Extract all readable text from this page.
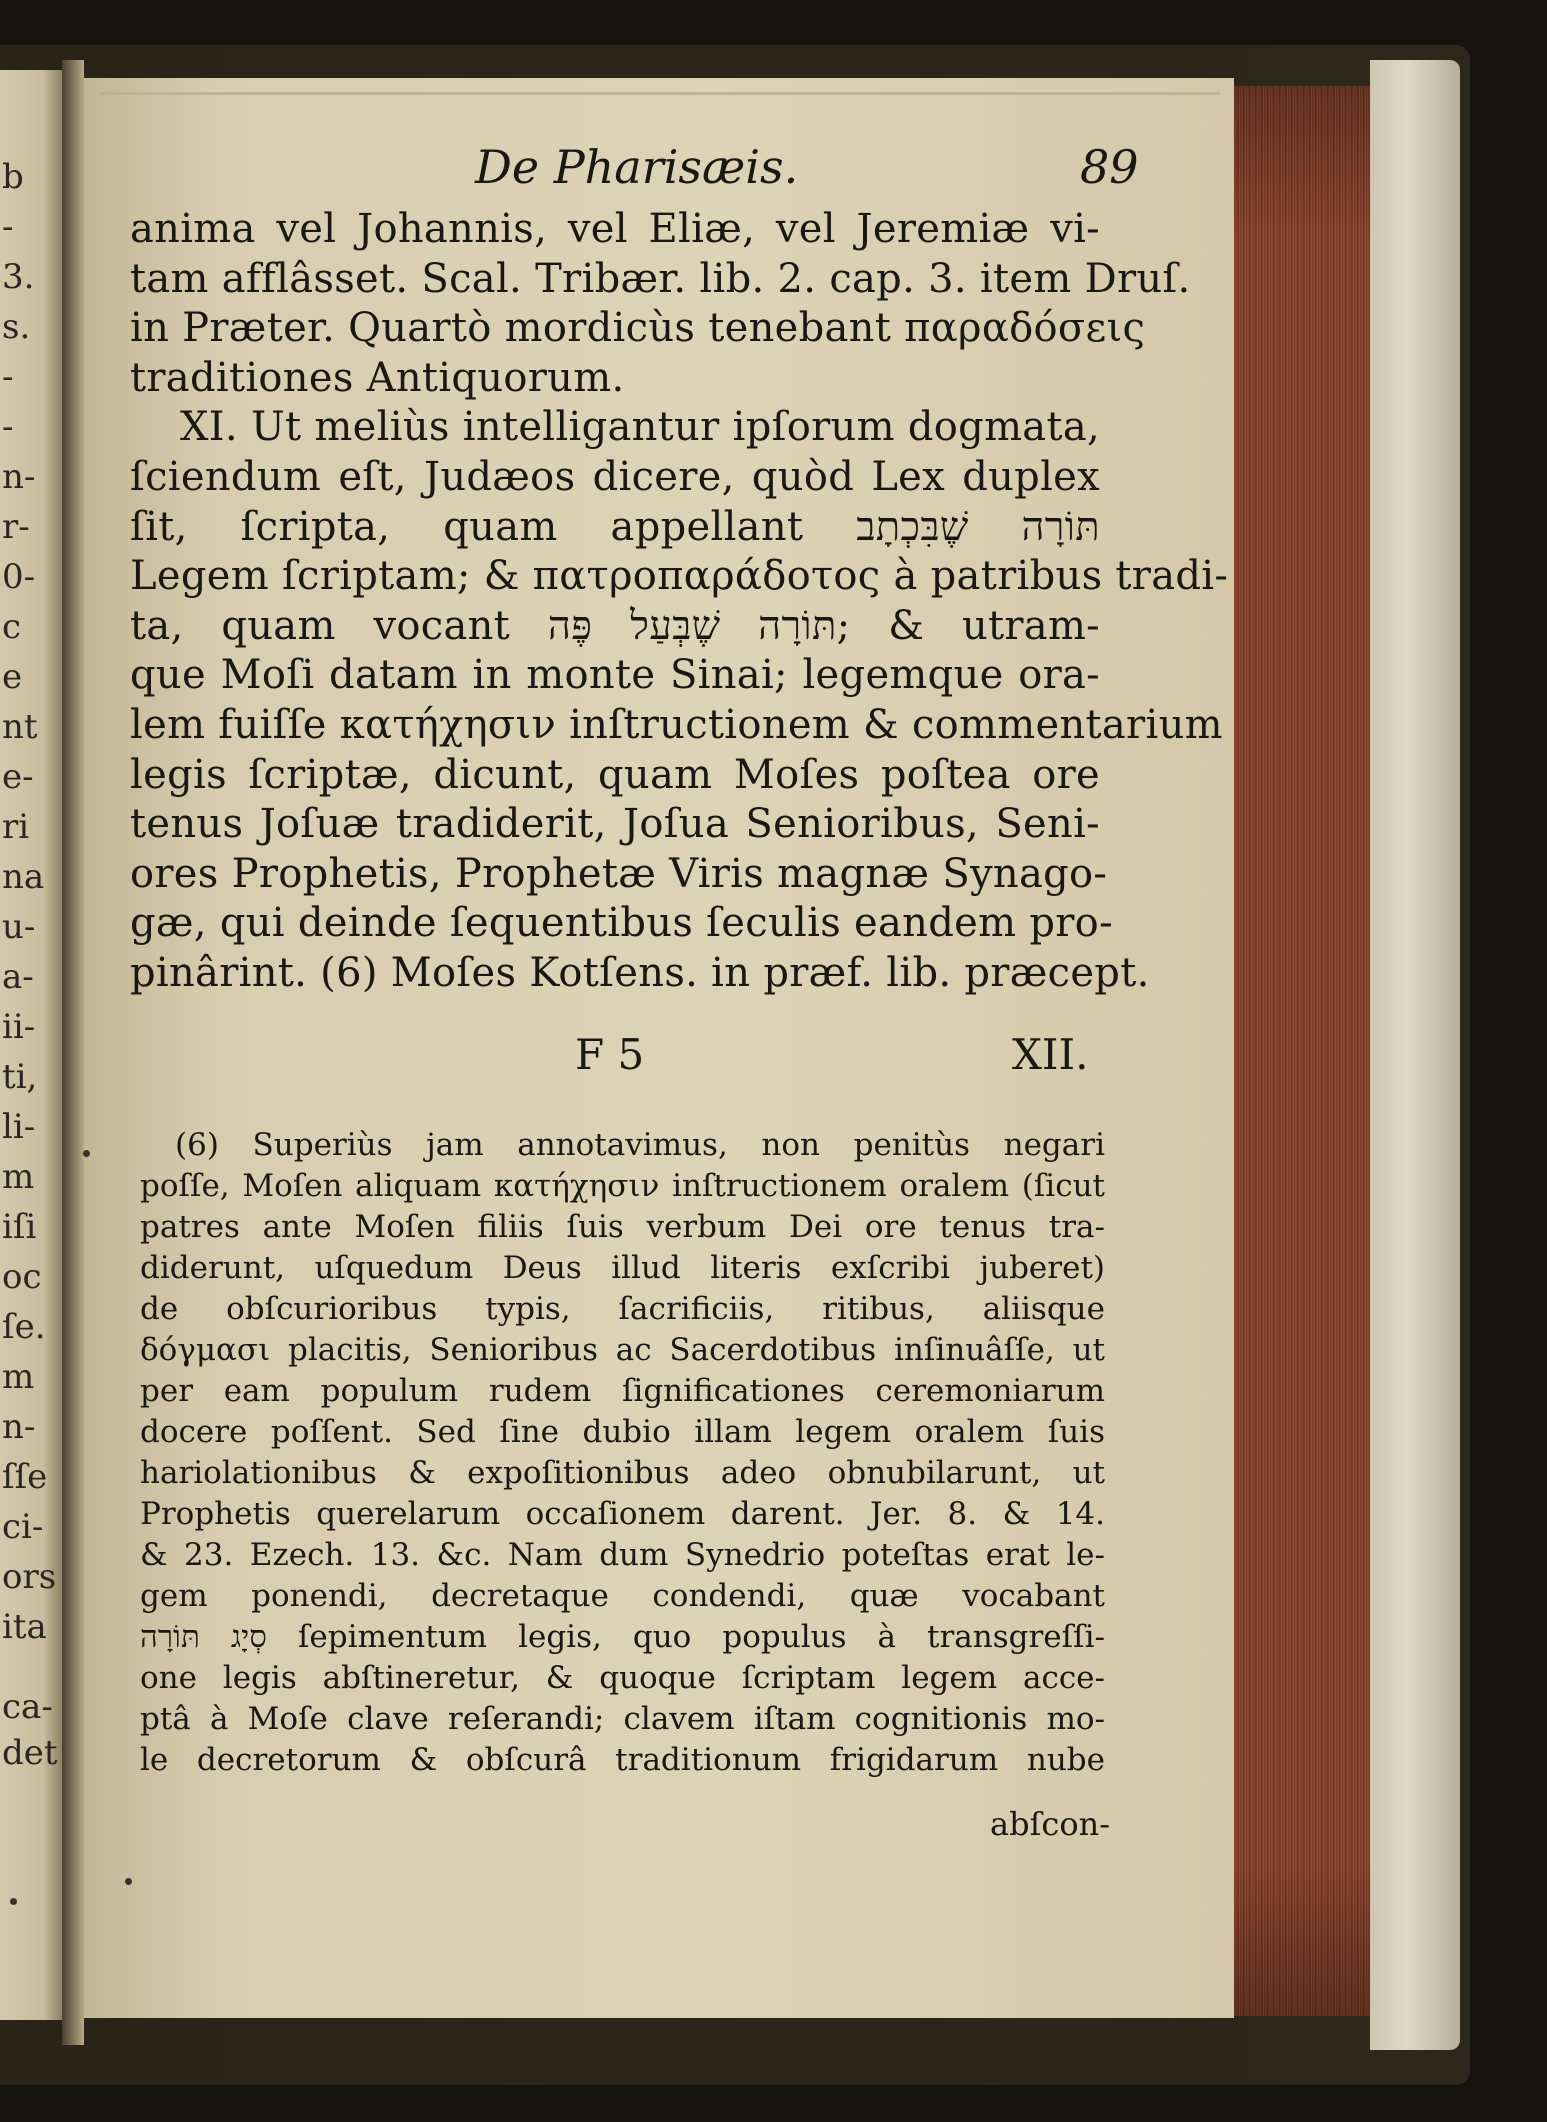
b
-
3.
s.
-
-
n-
r-
0-
c
e
nt
e-
ri
na
u-
a-
ii-
ti,
li-
m
iſi
oc
ſe.
m
n-
ſſe
ci-
ors
ita
ca-
det
De Pharisæis.	89
anima vel Johannis, vel Eliæ, vel Jeremiæ vi-
tam afflâsset. Scal. Tribær. lib. 2. cap. 3. item Druſ.
in Præter. Quartò mordicùs tenebant παραδόσεις
traditiones Antiquorum.
XI. Ut meliùs intelligantur ipſorum dogmata,
ſciendum eſt, Judæos dicere, quòd Lex duplex
ſit, ſcripta, quam appellant תּוֹרָה שֶׁבִּכְתָב
Legem ſcriptam; & πατροπαράδοτος à patribus tradi-
ta, quam vocant תּוֹרָה שֶׁבְּעַל פֶּה; & utram-
que Moſi datam in monte Sinai; legemque ora-
lem fuiſſe κατήχησιν inſtructionem & commentarium
legis ſcriptæ, dicunt, quam Moſes poſtea ore
tenus Joſuæ tradiderit, Joſua Senioribus, Seni-
ores Prophetis, Prophetæ Viris magnæ Synago-
gæ, qui deinde ſequentibus ſeculis eandem pro-
pinârint. (6) Moſes Kotſens. in præf. lib. præcept.
F 5	XII.
(6) Superiùs jam annotavimus, non penitùs negari
poſſe, Moſen aliquam κατήχησιν inſtructionem oralem (ſicut
patres ante Moſen filiis ſuis verbum Dei ore tenus tra-
diderunt, uſquedum Deus illud literis exſcribi juberet)
de obſcurioribus typis, ſacrificiis, ritibus, aliisque
δόγμασι placitis, Senioribus ac Sacerdotibus inſinuâſſe, ut
per eam populum rudem ſignificationes ceremoniarum
docere poſſent. Sed ſine dubio illam legem oralem ſuis
hariolationibus & expoſitionibus adeo obnubilarunt, ut
Prophetis querelarum occaſionem darent. Jer. 8. & 14.
& 23. Ezech. 13. &c. Nam dum Synedrio poteſtas erat le-
gem ponendi, decretaque condendi, quæ vocabant
סְיָג תּוֹרָה ſepimentum legis, quo populus à transgreſſi-
one legis abſtineretur, & quoque ſcriptam legem acce-
ptâ à Moſe clave reſerandi; clavem iſtam cognitionis mo-
le decretorum & obſcurâ traditionum frigidarum nube
abſcon-
